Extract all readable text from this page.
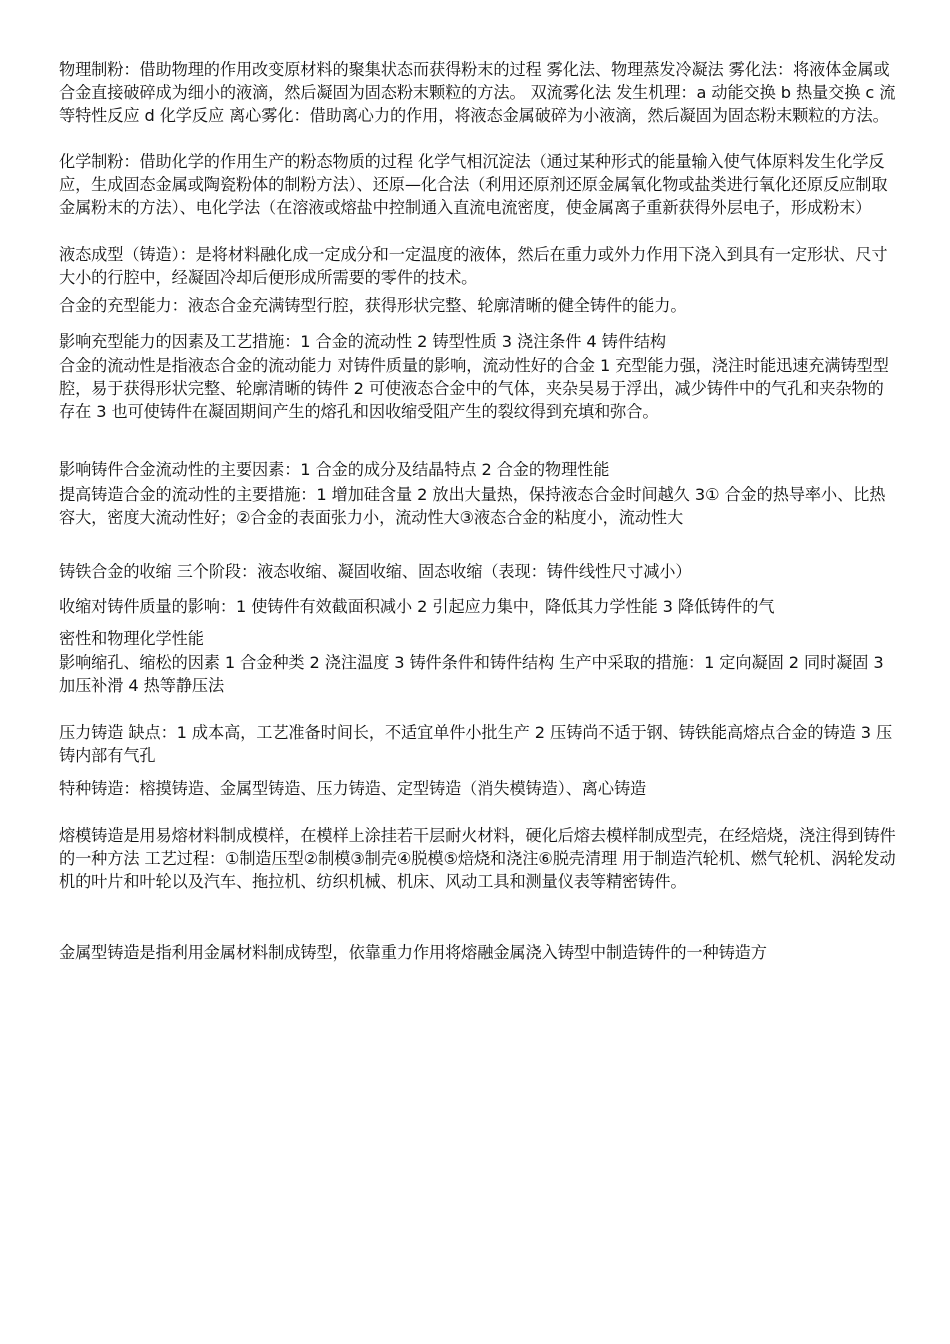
物理制粉：借助物理的作用改变原材料的聚集状态而获得粉末的过程 雾化法、物理蒸发冷凝法 雾化法：将液体金属或合金直接破碎成为细小的液滴，然后凝固为固态粉末颗粒的方法。 双流雾化法 发生机理：a 动能交换 b 热量交换 c 流等特性反应 d 化学反应 离心雾化：借助离心力的作用，将液态金属破碎为小液滴，然后凝固为固态粉末颗粒的方法。

化学制粉：借助化学的作用生产的粉态物质的过程 化学气相沉淀法（通过某种形式的能量输入使气体原料发生化学反应，生成固态金属或陶瓷粉体的制粉方法）、还原—化合法（利用还原剂还原金属氧化物或盐类进行氧化还原反应制取金属粉末的方法）、电化学法（在溶液或熔盐中控制通入直流电流密度，使金属离子重新获得外层电子，形成粉末）

液态成型（铸造）：是将材料融化成一定成分和一定温度的液体，然后在重力或外力作用下浇入到具有一定形状、尺寸大小的行腔中，经凝固冷却后便形成所需要的零件的技术。

合金的充型能力：液态合金充满铸型行腔，获得形状完整、轮廓清晰的健全铸件的能力。

影响充型能力的因素及工艺措施：1 合金的流动性 2 铸型性质 3 浇注条件 4 铸件结构

合金的流动性是指液态合金的流动能力 对铸件质量的影响，流动性好的合金 1 充型能力强，浇注时能迅速充满铸型型腔，易于获得形状完整、轮廓清晰的铸件 2 可使液态合金中的气体，夹杂吴易于浮出，减少铸件中的气孔和夹杂物的存在 3 也可使铸件在凝固期间产生的熔孔和因收缩受阻产生的裂纹得到充填和弥合。

影响铸件合金流动性的主要因素：1 合金的成分及结晶特点 2 合金的物理性能

提高铸造合金的流动性的主要措施：1 增加硅含量 2 放出大量热，保持液态合金时间越久 3① 合金的热导率小、比热容大，密度大流动性好；②合金的表面张力小，流动性大③液态合金的粘度小，流动性大

铸铁合金的收缩 三个阶段：液态收缩、凝固收缩、固态收缩（表现：铸件线性尺寸减小）

收缩对铸件质量的影响：1 使铸件有效截面积减小 2 引起应力集中，降低其力学性能 3 降低铸件的气

密性和物理化学性能

影响缩孔、缩松的因素 1 合金种类 2 浇注温度 3 铸件条件和铸件结构 生产中采取的措施：1 定向凝固 2 同时凝固 3 加压补滑 4 热等静压法

压力铸造 缺点：1 成本高，工艺准备时间长，不适宜单件小批生产 2 压铸尚不适于钢、铸铁能高熔点合金的铸造 3 压铸内部有气孔

特种铸造：榕摸铸造、金属型铸造、压力铸造、定型铸造（消失模铸造）、离心铸造

熔模铸造是用易熔材料制成模样，在模样上涂挂若干层耐火材料，硬化后熔去模样制成型壳，在经焙烧，浇注得到铸件的一种方法 工艺过程：①制造压型②制模③制壳④脱模⑤焙烧和浇注⑥脱壳清理 用于制造汽轮机、燃气轮机、涡轮发动机的叶片和叶轮以及汽车、拖拉机、纺织机械、机床、风动工具和测量仪表等精密铸件。

金属型铸造是指利用金属材料制成铸型，依靠重力作用将熔融金属浇入铸型中制造铸件的一种铸造方
